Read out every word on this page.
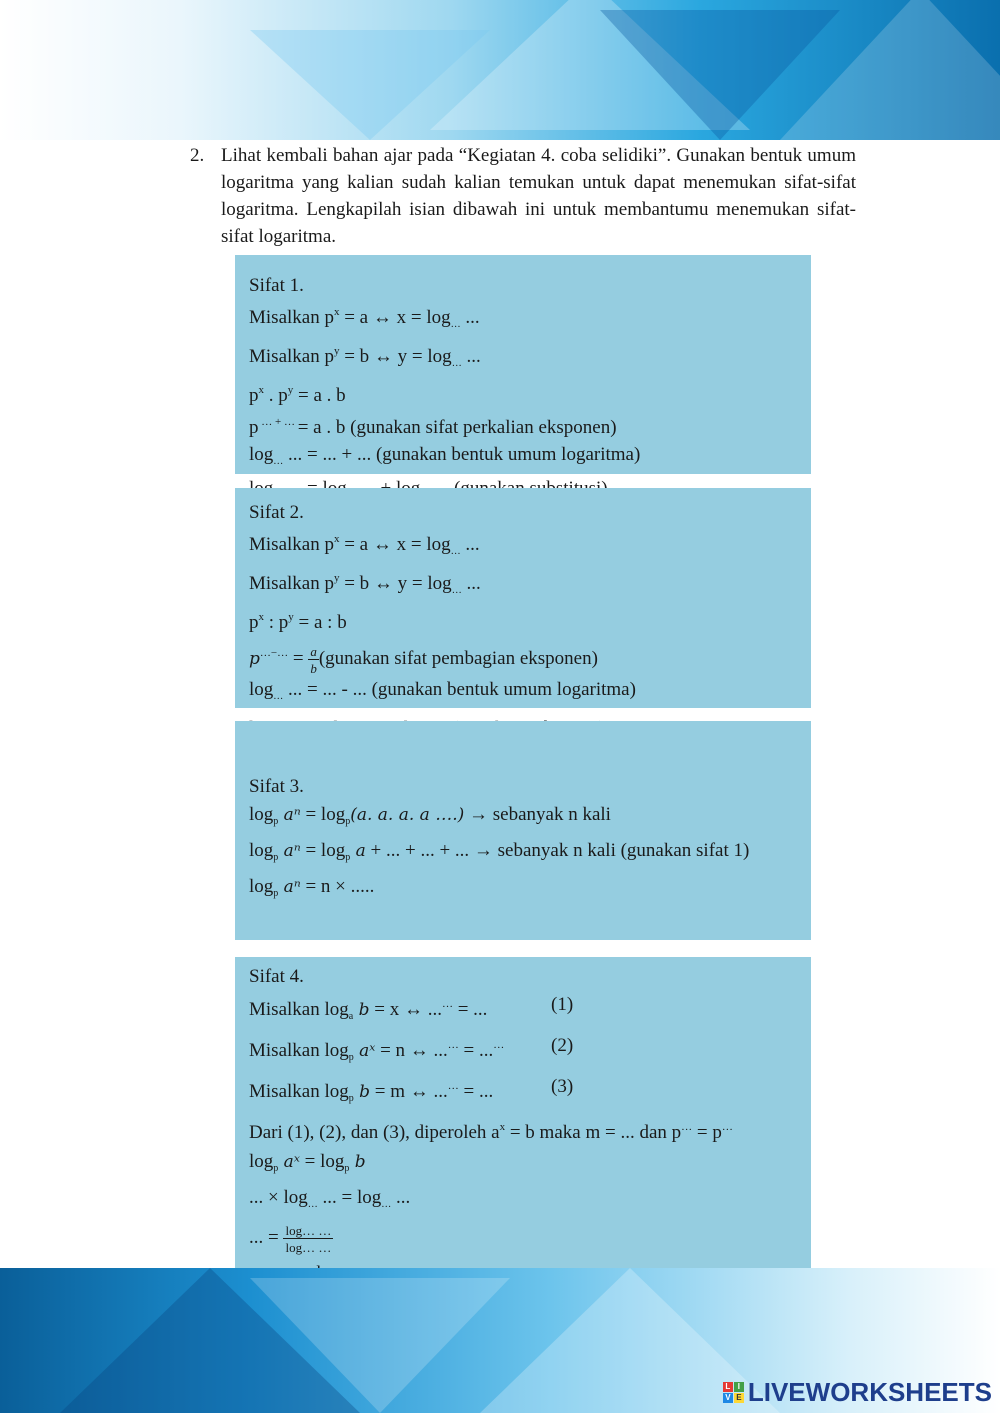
2. Lihat kembali bahan ajar pada “Kegiatan 4. coba selidiki”. Gunakan bentuk umum logaritma yang kalian sudah kalian temukan untuk dapat menemukan sifat-sifat logaritma. Lengkapilah isian dibawah ini untuk membantumu menemukan sifat-sifat logaritma.
Sifat 1.
Misalkan $p^x = a$ ↔ $x = \log_\dots$ ...
Misalkan $p^y = b$ ↔ $y = \log_\dots$ ...
$p^x$ . $p^y = a$ . b
p … + … = a . b (gunakan sifat perkalian eksponen)
$\log_\dots$ ... = ... + ... (gunakan bentuk umum logaritma)
Sifat 2.
Misalkan $p^x = a$ ↔ $x = \log_\dots$ ...
Misalkan $p^y = b$ ↔ $y = \log_\dots$ ...
$p^x$ : $p^y = a$ : b
$p^{\dots-\dots} = \frac{a}{b}$ (gunakan sifat pembagian eksponen)
$\log_\dots$ ... = ... - ... (gunakan bentuk umum logaritma)
Sifat 3.
$\log_p a^n = \log_p(a$. a. a. a ….) → sebanyak n kali
$\log_p a^n = \log_p a$ + ... + ... + ... → sebanyak n kali (gunakan sifat 1)
$\log_p a^n = n$ × .....
Sifat 4.
Misalkan $\log_a b = x$ ↔ ...… = ...	(1)
Misalkan $\log_p$ aˣ = n ↔ ...… = ...… (2)
Misalkan $\log_p b = m$ ↔ ...… = ...	(3)
Dari (1), (2), dan (3), diperoleh $a^x = b$ maka m = ... dan p… = p…
$\log_p$ aˣ = $\log_p b$
... × $\log_\dots$ ... = $\log_\dots$ ...
... = $\frac{\log\dots \dots}{\log\dots \dots}$
L I
V E LIVEWORKSHEETS
